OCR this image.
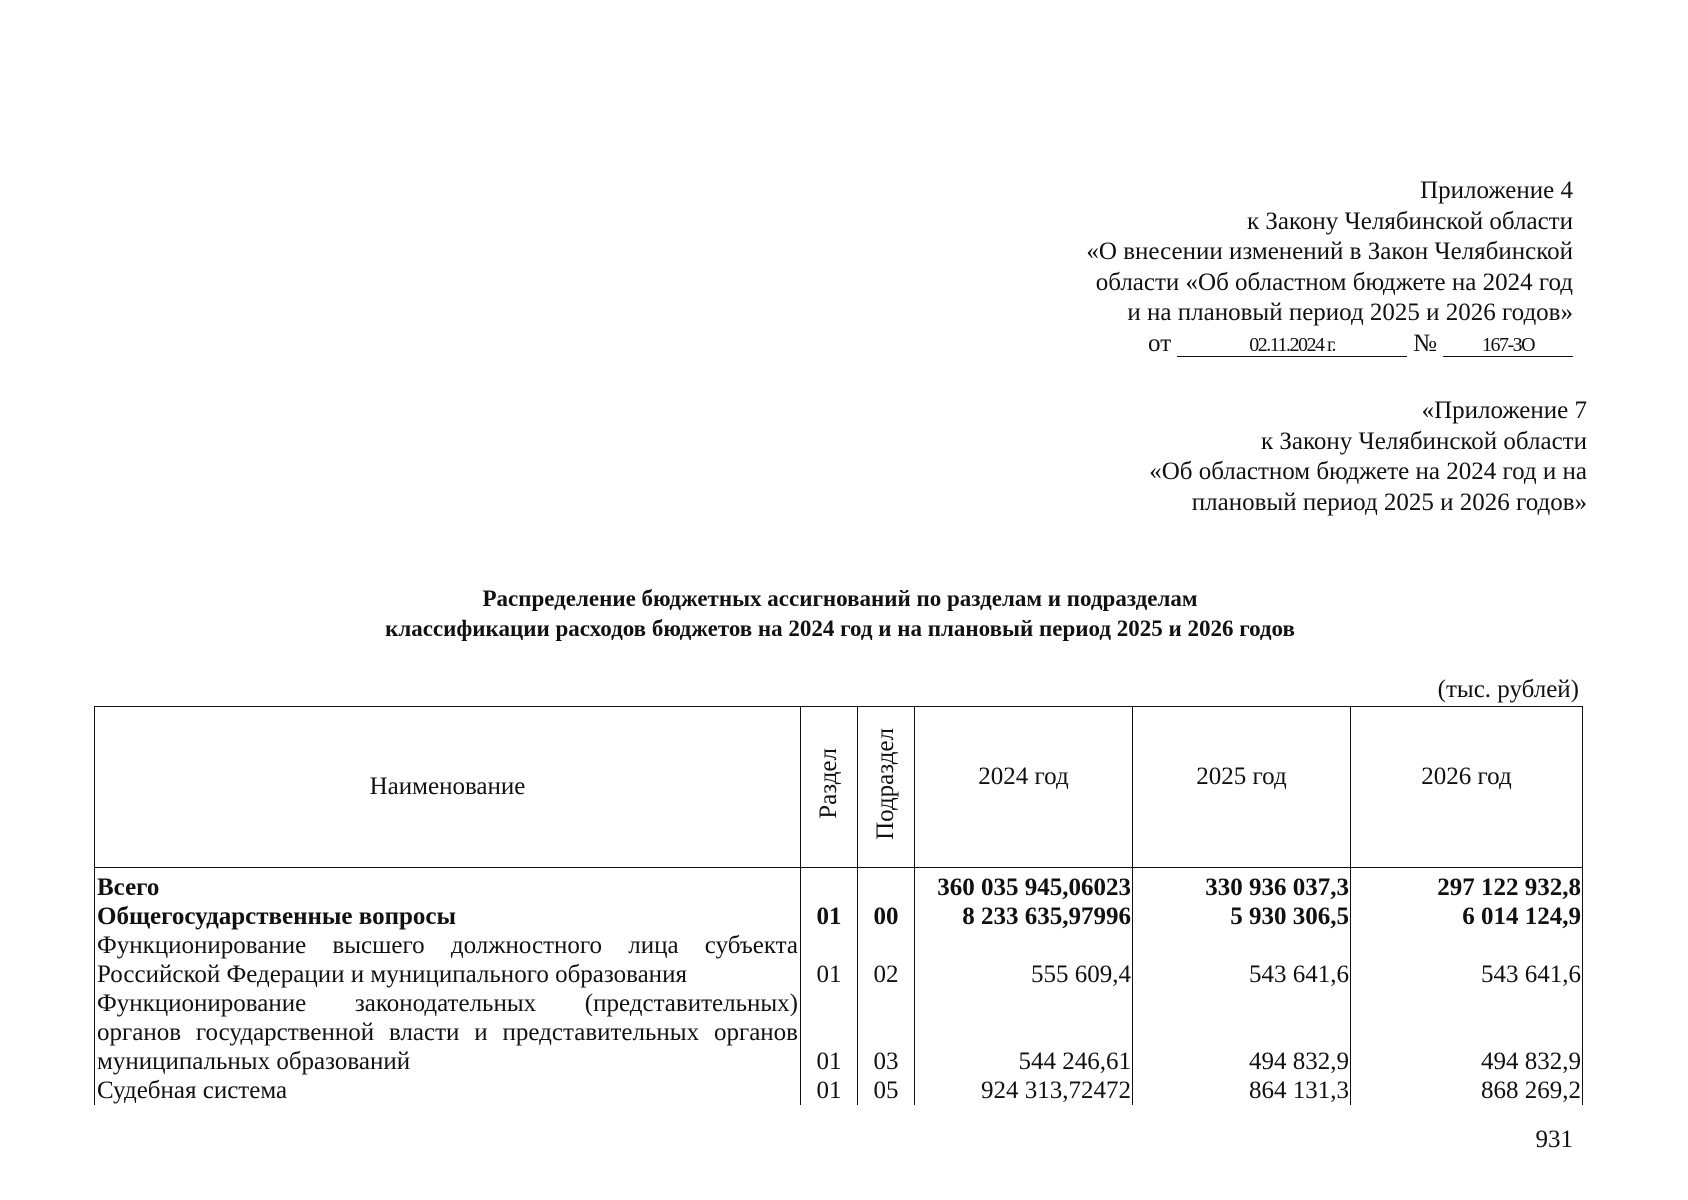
Приложение 4
к Закону Челябинской области
«О внесении изменений в Закон Челябинской
области «Об областном бюджете на 2024 год
и на плановый период 2025 и 2026 годов»
от	02.11.2024 г.	№	167-ЗО
«Приложение 7
к Закону Челябинской области
«Об областном бюджете на 2024 год и на
плановый период 2025 и 2026 годов»
Распределение бюджетных ассигнований по разделам и подразделам
классификации расходов бюджетов на 2024 год и на плановый период 2025 и 2026 годов
(тыс. рублей)
Наименование	Раздел	Подраздел	2024 год	2025 год	2026 год
Всего			360 035 945,06023	330 936 037,3	297 122 932,8
Общегосударственные вопросы	01	00	8 233 635,97996	5 930 306,5	6 014 124,9
Функционирование высшего должностного лица субъекта Российской Федерации и муниципального образования	01	02	555 609,4	543 641,6	543 641,6
Функционирование законодательных (представительных) органов государственной власти и представительных органов муниципальных образований	01	03	544 246,61	494 832,9	494 832,9
Судебная система	01	05	924 313,72472	864 131,3	868 269,2
931
